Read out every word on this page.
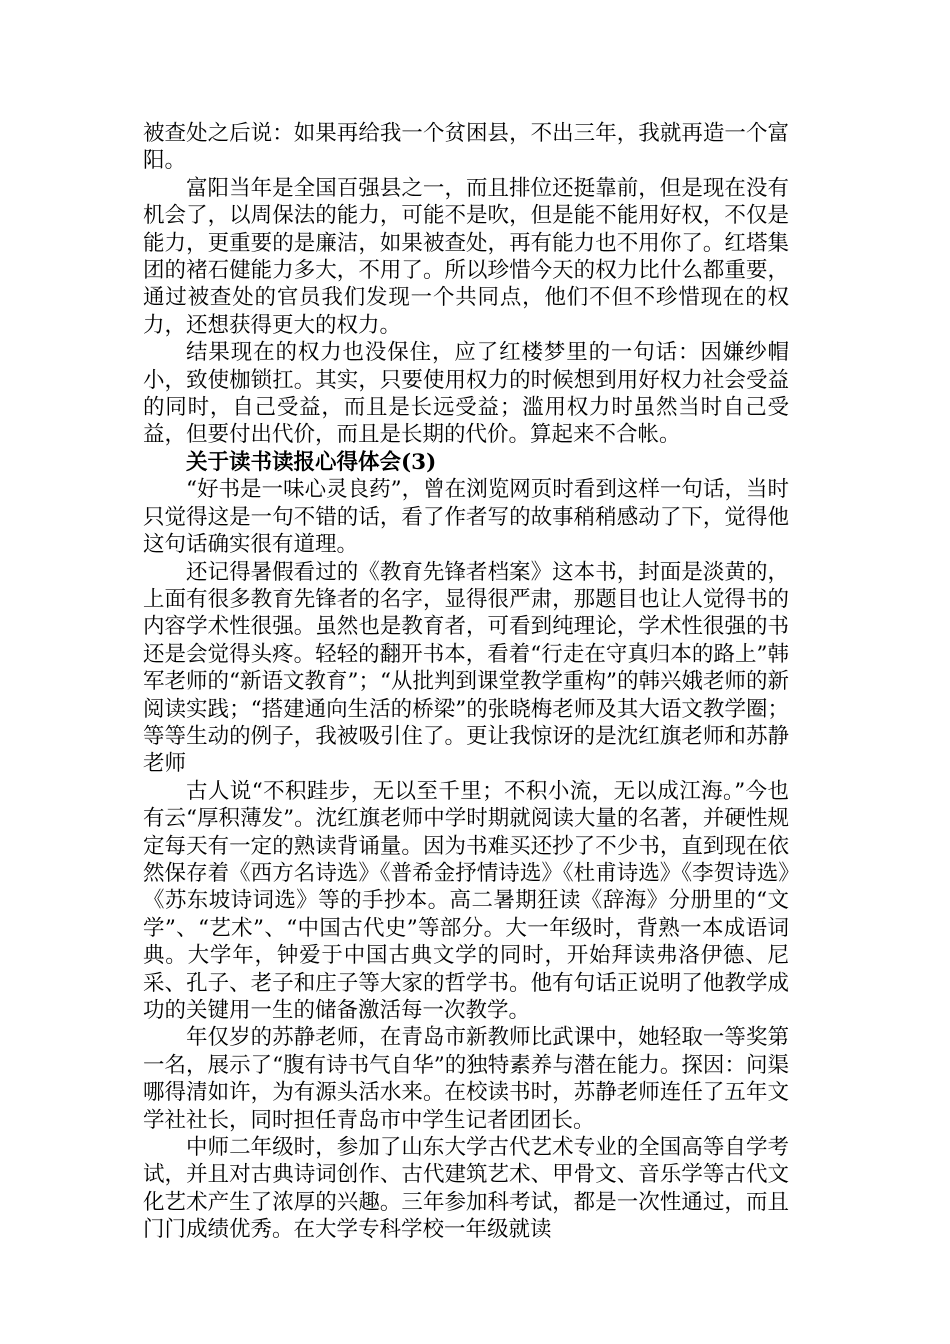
被查处之后说：如果再给我一个贫困县，不出三年，我就再造一个富阳。

富阳当年是全国百强县之一，而且排位还挺靠前，但是现在没有机会了，以周保法的能力，可能不是吹，但是能不能用好权，不仅是能力，更重要的是廉洁，如果被查处，再有能力也不用你了。红塔集团的褚石健能力多大，不用了。所以珍惜今天的权力比什么都重要，通过被查处的官员我们发现一个共同点，他们不但不珍惜现在的权力，还想获得更大的权力。

结果现在的权力也没保住，应了红楼梦里的一句话：因嫌纱帽小，致使枷锁扛。其实，只要使用权力的时候想到用好权力社会受益的同时，自己受益，而且是长远受益；滥用权力时虽然当时自己受益，但要付出代价，而且是长期的代价。算起来不合帐。

关于读书读报心得体会(3)

“好书是一味心灵良药”，曾在浏览网页时看到这样一句话，当时只觉得这是一句不错的话，看了作者写的故事稍稍感动了下，觉得他这句话确实很有道理。

还记得暑假看过的《教育先锋者档案》这本书，封面是淡黄的，上面有很多教育先锋者的名字，显得很严肃，那题目也让人觉得书的内容学术性很强。虽然也是教育者，可看到纯理论，学术性很强的书还是会觉得头疼。轻轻的翻开书本，看着“行走在守真归本的路上”韩军老师的“新语文教育”；“从批判到课堂教学重构”的韩兴娥老师的新阅读实践；“搭建通向生活的桥梁”的张晓梅老师及其大语文教学圈；等等生动的例子，我被吸引住了。更让我惊讶的是沈红旗老师和苏静老师

古人说“不积跬步，无以至千里；不积小流，无以成江海。”今也有云“厚积薄发”。沈红旗老师中学时期就阅读大量的名著，并硬性规定每天有一定的熟读背诵量。因为书难买还抄了不少书，直到现在依然保存着《西方名诗选》《普希金抒情诗选》《杜甫诗选》《李贺诗选》《苏东坡诗词选》等的手抄本。高二暑期狂读《辞海》分册里的“文学”、“艺术”、“中国古代史”等部分。大一年级时，背熟一本成语词典。大学年，钟爱于中国古典文学的同时，开始拜读弗洛伊德、尼采、孔子、老子和庄子等大家的哲学书。他有句话正说明了他教学成功的关键用一生的储备激活每一次教学。

年仅岁的苏静老师，在青岛市新教师比武课中，她轻取一等奖第一名，展示了“腹有诗书气自华”的独特素养与潜在能力。探因：问渠哪得清如许，为有源头活水来。在校读书时，苏静老师连任了五年文学社社长，同时担任青岛市中学生记者团团长。

中师二年级时，参加了山东大学古代艺术专业的全国高等自学考试，并且对古典诗词创作、古代建筑艺术、甲骨文、音乐学等古代文化艺术产生了浓厚的兴趣。三年参加科考试，都是一次性通过，而且门门成绩优秀。在大学专科学校一年级就读
